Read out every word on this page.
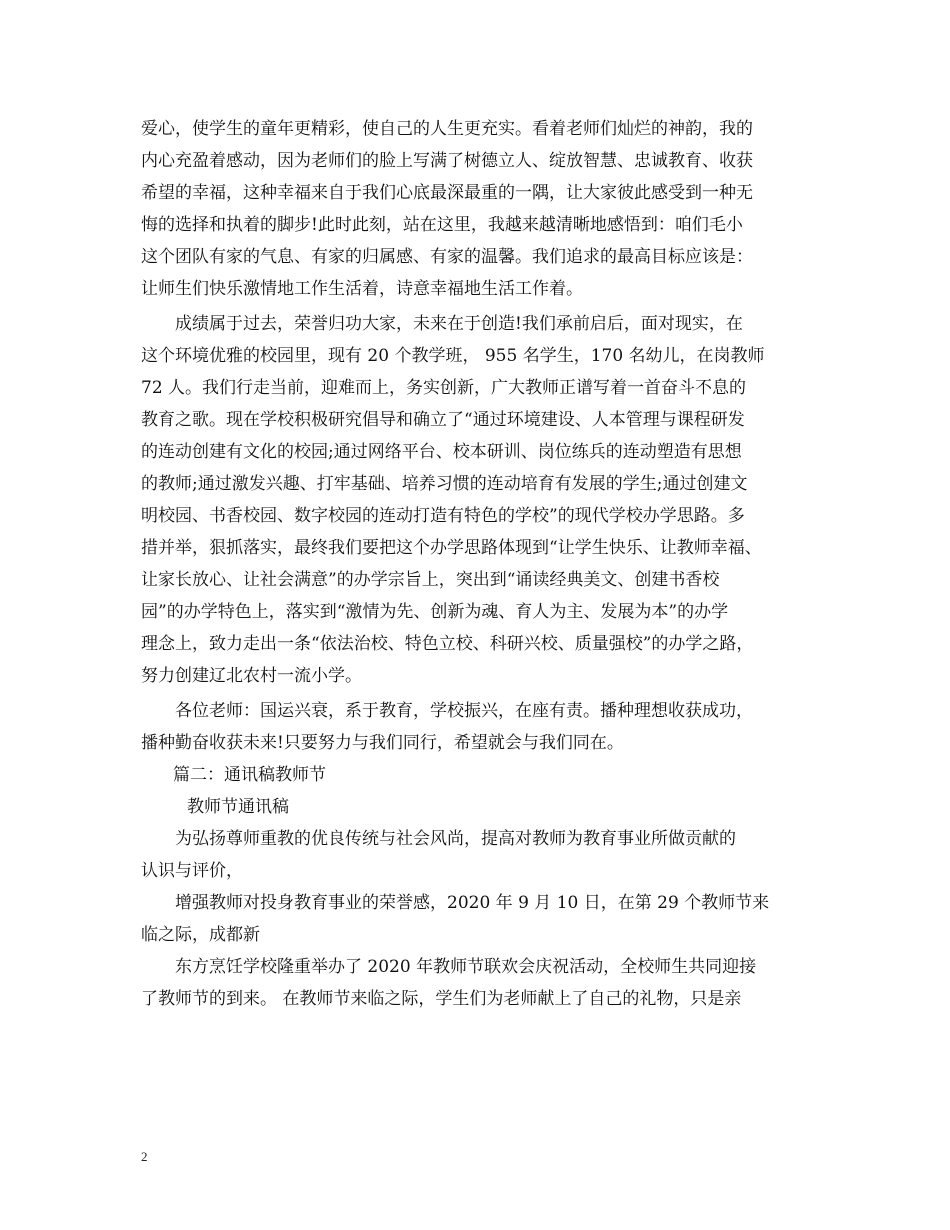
爱心，使学生的童年更精彩，使自己的人生更充实。看着老师们灿烂的神韵，我的
内心充盈着感动，因为老师们的脸上写满了树德立人、绽放智慧、忠诚教育、收获
希望的幸福，这种幸福来自于我们心底最深最重的一隅，让大家彼此感受到一种无
悔的选择和执着的脚步!此时此刻，站在这里，我越来越清晰地感悟到：咱们毛小
这个团队有家的气息、有家的归属感、有家的温馨。我们追求的最高目标应该是：
让师生们快乐激情地工作生活着，诗意幸福地生活工作着。
　　成绩属于过去，荣誉归功大家，未来在于创造!我们承前启后，面对现实，在
这个环境优雅的校园里，现有 20 个教学班， 955 名学生，170 名幼儿，在岗教师
72 人。我们行走当前，迎难而上，务实创新，广大教师正谱写着一首奋斗不息的
教育之歌。现在学校积极研究倡导和确立了“通过环境建设、人本管理与课程研发
的连动创建有文化的校园;通过网络平台、校本研训、岗位练兵的连动塑造有思想
的教师;通过激发兴趣、打牢基础、培养习惯的连动培育有发展的学生;通过创建文
明校园、书香校园、数字校园的连动打造有特色的学校”的现代学校办学思路。多
措并举，狠抓落实，最终我们要把这个办学思路体现到“让学生快乐、让教师幸福、
让家长放心、让社会满意”的办学宗旨上，突出到“诵读经典美文、创建书香校
园”的办学特色上，落实到“激情为先、创新为魂、育人为主、发展为本”的办学
理念上，致力走出一条“依法治校、特色立校、科研兴校、质量强校”的办学之路，
努力创建辽北农村一流小学。
　　各位老师：国运兴衰，系于教育，学校振兴，在座有责。播种理想收获成功，
播种勤奋收获未来!只要努力与我们同行，希望就会与我们同在。
篇二：通讯稿教师节
教师节通讯稿
　　为弘扬尊师重教的优良传统与社会风尚，提高对教师为教育事业所做贡献的
认识与评价，
　　增强教师对投身教育事业的荣誉感，2020 年 9 月 10 日，在第 29 个教师节来
临之际，成都新
　　东方烹饪学校隆重举办了 2020 年教师节联欢会庆祝活动，全校师生共同迎接
了教师节的到来。 在教师节来临之际，学生们为老师献上了自己的礼物，只是亲
2
